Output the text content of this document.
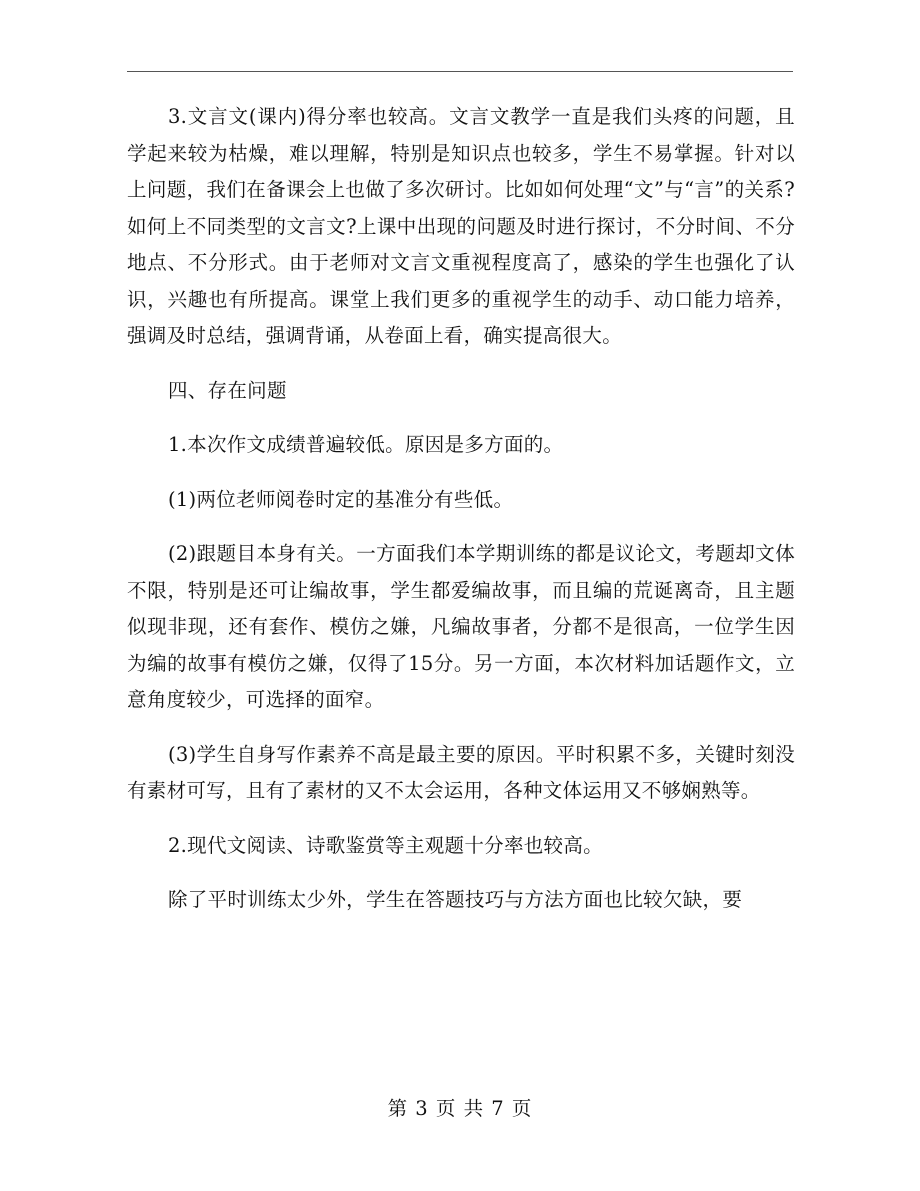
3.文言文(课内)得分率也较高。文言文教学一直是我们头疼的问题，且学起来较为枯燥，难以理解，特别是知识点也较多，学生不易掌握。针对以上问题，我们在备课会上也做了多次研讨。比如如何处理“文”与“言”的关系?如何上不同类型的文言文?上课中出现的问题及时进行探讨，不分时间、不分地点、不分形式。由于老师对文言文重视程度高了，感染的学生也强化了认识，兴趣也有所提高。课堂上我们更多的重视学生的动手、动口能力培养，强调及时总结，强调背诵，从卷面上看，确实提高很大。

四、存在问题

1.本次作文成绩普遍较低。原因是多方面的。

(1)两位老师阅卷时定的基准分有些低。

(2)跟题目本身有关。一方面我们本学期训练的都是议论文，考题却文体不限，特别是还可让编故事，学生都爱编故事，而且编的荒诞离奇，且主题似现非现，还有套作、模仿之嫌，凡编故事者，分都不是很高，一位学生因为编的故事有模仿之嫌，仅得了15分。另一方面，本次材料加话题作文，立意角度较少，可选择的面窄。

(3)学生自身写作素养不高是最主要的原因。平时积累不多，关键时刻没有素材可写，且有了素材的又不太会运用，各种文体运用又不够娴熟等。

2.现代文阅读、诗歌鉴赏等主观题十分率也较高。

除了平时训练太少外，学生在答题技巧与方法方面也比较欠缺，要

第 3 页 共 7 页
